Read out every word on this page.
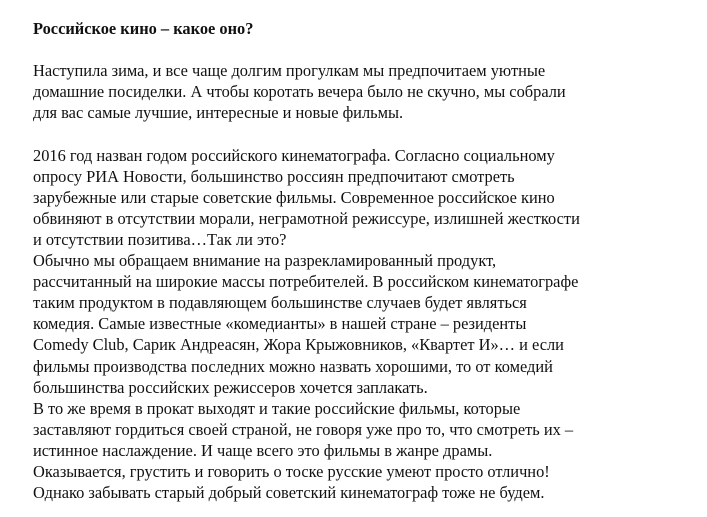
Российское кино – какое оно?

Наступила зима, и все чаще долгим прогулкам мы предпочитаем уютные
домашние посиделки. А чтобы коротать вечера было не скучно, мы собрали
для вас самые лучшие, интересные и новые фильмы.
2016 год назван годом российского кинематографа. Согласно социальному
опросу РИА Новости, большинство россиян предпочитают смотреть
зарубежные или старые советские фильмы. Современное российское кино
обвиняют в отсутствии морали, неграмотной режиссуре, излишней жесткости
и отсутствии позитива…Так ли это?
Обычно мы обращаем внимание на разрекламированный продукт,
рассчитанный на широкие массы потребителей. В российском кинематографе
таким продуктом в подавляющем большинстве случаев будет являться
комедия. Самые известные «комедианты» в нашей стране – резиденты
Comedy Club, Сарик Андреасян, Жора Крыжовников, «Квартет И»… и если
фильмы производства последних можно назвать хорошими, то от комедий
большинства российских режиссеров хочется заплакать.
В то же время в прокат выходят и такие российские фильмы, которые
заставляют гордиться своей страной, не говоря уже про то, что смотреть их –
истинное наслаждение. И чаще всего это фильмы в жанре драмы.
Оказывается, грустить и говорить о тоске русские умеют просто отлично!
Однако забывать старый добрый советский кинематограф тоже не будем.
